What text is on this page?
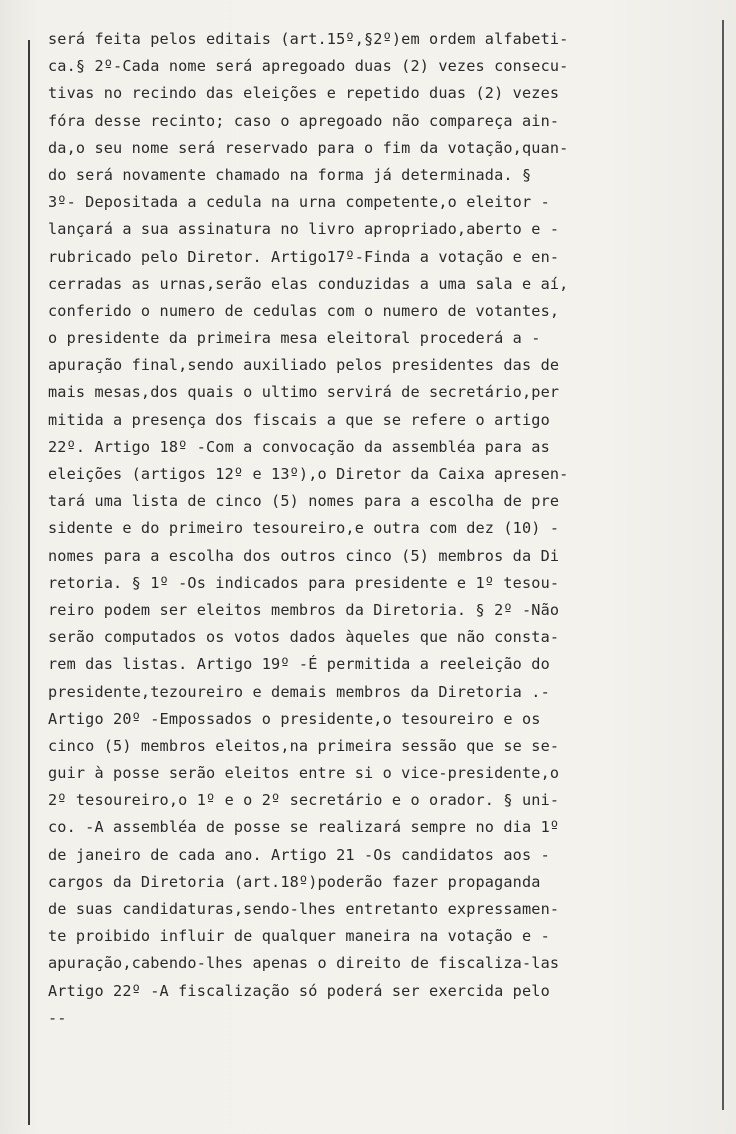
será feita pelos editais (art.15º,§2º)em ordem alfabeti-
ca.§ 2º-Cada nome será apregoado duas (2) vezes consecu-
tivas no recindo das eleições e repetido duas (2) vezes
fóra desse recinto; caso o apregoado não compareça ain-
da,o seu nome será reservado para o fim da votação,quan-
do será novamente chamado na forma já determinada. §
3º- Depositada a cedula na urna competente,o eleitor -
lançará a sua assinatura no livro apropriado,aberto e -
rubricado pelo Diretor. Artigo17º-Finda a votação e en-
cerradas as urnas,serão elas conduzidas a uma sala e aí,
conferido o numero de cedulas com o numero de votantes,
o presidente da primeira mesa eleitoral procederá a -
apuração final,sendo auxiliado pelos presidentes das de
mais mesas,dos quais o ultimo servirá de secretário,per
mitida a presença dos fiscais a que se refere o artigo
22º. Artigo 18º -Com a convocação da assembléa para as
eleições (artigos 12º e 13º),o Diretor da Caixa apresen-
tará uma lista de cinco (5) nomes para a escolha de pre
sidente e do primeiro tesoureiro,e outra com dez (10) -
nomes para a escolha dos outros cinco (5) membros da Di
retoria. § 1º -Os indicados para presidente e 1º tesou-
reiro podem ser eleitos membros da Diretoria. § 2º -Não
serão computados os votos dados àqueles que não consta-
rem das listas. Artigo 19º -É permitida a reeleição do
presidente,tezoureiro e demais membros da Diretoria .-
Artigo 20º -Empossados o presidente,o tesoureiro e os
cinco (5) membros eleitos,na primeira sessão que se se-
guir à posse serão eleitos entre si o vice-presidente,o
2º tesoureiro,o 1º e o 2º secretário e o orador. § uni-
co. -A assembléa de posse se realizará sempre no dia 1º
de janeiro de cada ano. Artigo 21 -Os candidatos aos -
cargos da Diretoria (art.18º)poderão fazer propaganda
de suas candidaturas,sendo-lhes entretanto expressamen-
te proibido influir de qualquer maneira na votação e -
apuração,cabendo-lhes apenas o direito de fiscaliza-las
Artigo 22º -A fiscalização só poderá ser exercida pelo
--
